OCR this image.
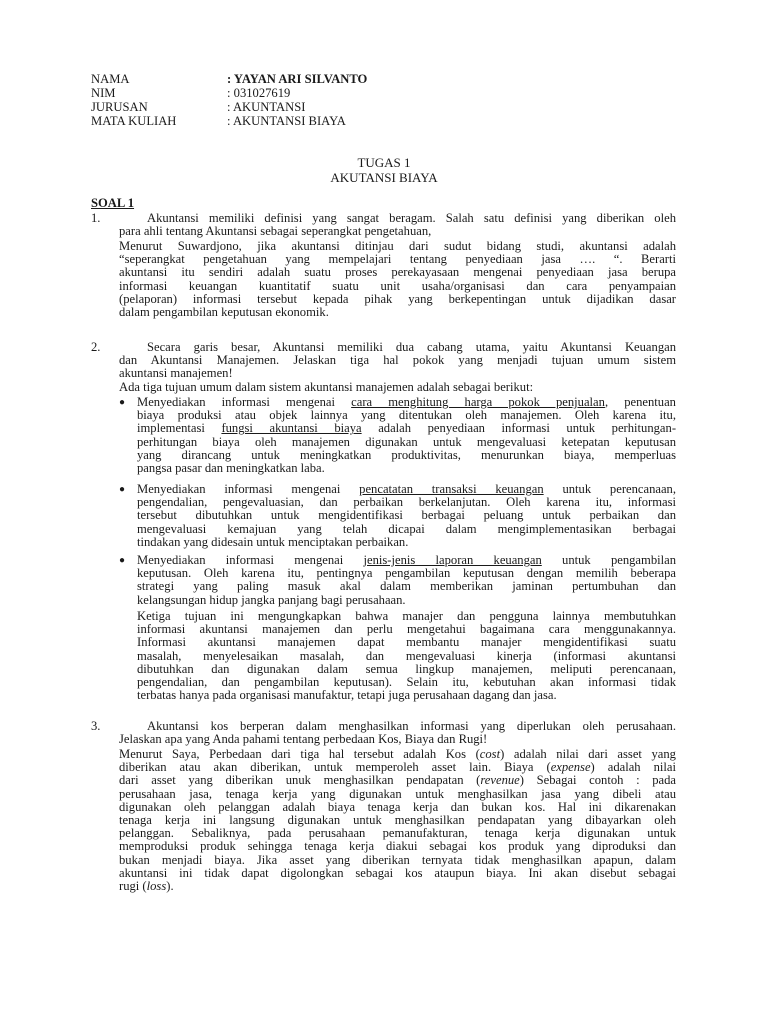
NAMA	: YAYAN ARI SILVANTO
NIM	: 031027619
JURUSAN	: AKUNTANSI
MATA KULIAH	: AKUNTANSI BIAYA
TUGAS 1
AKUTANSI BIAYA
SOAL 1
1.	Akuntansi memiliki definisi yang sangat beragam. Salah satu definisi yang diberikan oleh
para ahli tentang Akuntansi sebagai seperangkat pengetahuan,
Menurut Suwardjono, jika akuntansi ditinjau dari sudut bidang studi, akuntansi adalah
“seperangkat pengetahuan yang mempelajari tentang penyediaan jasa …. “. Berarti
akuntansi itu sendiri adalah suatu proses perekayasaan mengenai penyediaan jasa berupa
informasi keuangan kuantitatif suatu unit usaha/organisasi dan cara penyampaian
(pelaporan) informasi tersebut kepada pihak yang berkepentingan untuk dijadikan dasar
dalam pengambilan keputusan ekonomik.
2.	Secara garis besar, Akuntansi memiliki dua cabang utama, yaitu Akuntansi Keuangan
dan Akuntansi Manajemen. Jelaskan tiga hal pokok yang menjadi tujuan umum sistem
akuntansi manajemen!
Ada tiga tujuan umum dalam sistem akuntansi manajemen adalah sebagai berikut:
● Menyediakan informasi mengenai cara menghitung harga pokok penjualan, penentuan
biaya produksi atau objek lainnya yang ditentukan oleh manajemen. Oleh karena itu,
implementasi fungsi akuntansi biaya adalah penyediaan informasi untuk perhitungan-
perhitungan biaya oleh manajemen digunakan untuk mengevaluasi ketepatan keputusan
yang dirancang untuk meningkatkan produktivitas, menurunkan biaya, memperluas
pangsa pasar dan meningkatkan laba.
● Menyediakan informasi mengenai pencatatan transaksi keuangan untuk perencanaan,
pengendalian, pengevaluasian, dan perbaikan berkelanjutan. Oleh karena itu, informasi
tersebut dibutuhkan untuk mengidentifikasi berbagai peluang untuk perbaikan dan
mengevaluasi kemajuan yang telah dicapai dalam mengimplementasikan berbagai
tindakan yang didesain untuk menciptakan perbaikan.
● Menyediakan informasi mengenai jenis-jenis laporan keuangan untuk pengambilan
keputusan. Oleh karena itu, pentingnya pengambilan keputusan dengan memilih beberapa
strategi yang paling masuk akal dalam memberikan jaminan pertumbuhan dan
kelangsungan hidup jangka panjang bagi perusahaan.
Ketiga tujuan ini mengungkapkan bahwa manajer dan pengguna lainnya membutuhkan
informasi akuntansi manajemen dan perlu mengetahui bagaimana cara menggunakannya.
Informasi akuntansi manajemen dapat membantu manajer mengidentifikasi suatu
masalah, menyelesaikan masalah, dan mengevaluasi kinerja (informasi akuntansi
dibutuhkan dan digunakan dalam semua lingkup manajemen, meliputi perencanaan,
pengendalian, dan pengambilan keputusan). Selain itu, kebutuhan akan informasi tidak
terbatas hanya pada organisasi manufaktur, tetapi juga perusahaan dagang dan jasa.
3.	Akuntansi kos berperan dalam menghasilkan informasi yang diperlukan oleh perusahaan.
Jelaskan apa yang Anda pahami tentang perbedaan Kos, Biaya dan Rugi!
Menurut Saya, Perbedaan dari tiga hal tersebut adalah Kos (cost) adalah nilai dari asset yang
diberikan atau akan diberikan, untuk memperoleh asset lain. Biaya (expense) adalah nilai
dari asset yang diberikan unuk menghasilkan pendapatan (revenue) Sebagai contoh : pada
perusahaan jasa, tenaga kerja yang digunakan untuk menghasilkan jasa yang dibeli atau
digunakan oleh pelanggan adalah biaya tenaga kerja dan bukan kos. Hal ini dikarenakan
tenaga kerja ini langsung digunakan untuk menghasilkan pendapatan yang dibayarkan oleh
pelanggan. Sebaliknya, pada perusahaan pemanufakturan, tenaga kerja digunakan untuk
memproduksi produk sehingga tenaga kerja diakui sebagai kos produk yang diproduksi dan
bukan menjadi biaya. Jika asset yang diberikan ternyata tidak menghasilkan apapun, dalam
akuntansi ini tidak dapat digolongkan sebagai kos ataupun biaya. Ini akan disebut sebagai
rugi (loss).
